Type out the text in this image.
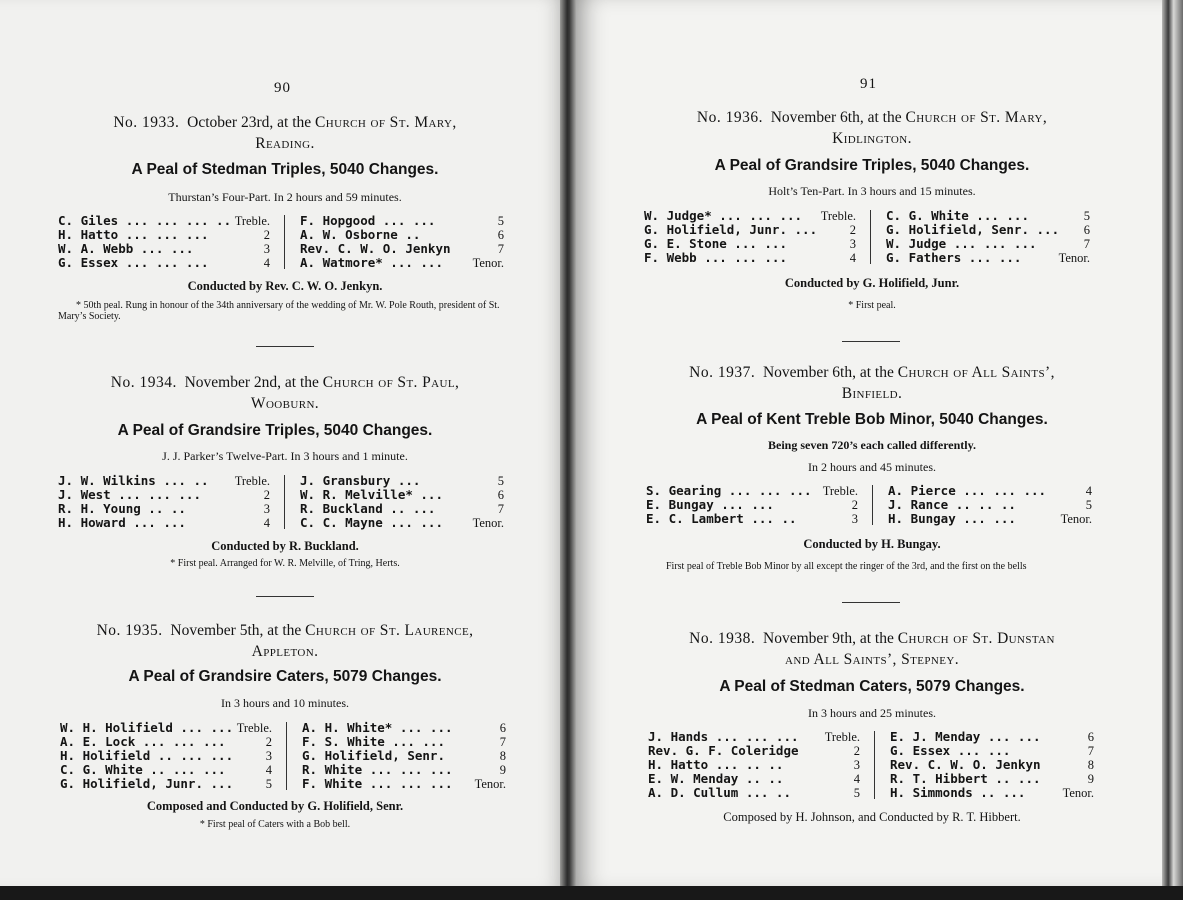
90
No. 1933. October 23rd, at the Church of St. Mary,
Reading.
A Peal of Stedman Triples, 5040 Changes.
Thurstan’s Four-Part. In 2 hours and 59 minutes.
C. Giles ... ... ... .. Treble.
H. Hatto ... ... ...	2
W. A. Webb ... ...	3
G. Essex ... ... ...	4
F. Hopgood ... ...	5
A. W. Osborne ..	6
Rev. C. W. O. Jenkyn	7
A. Watmore* ... ... Tenor.
Conducted by Rev. C. W. O. Jenkyn.
* 50th peal. Rung in honour of the 34th anniversary of the wedding of Mr. W. Pole Routh, president of St. Mary’s Society.
No. 1934. November 2nd, at the Church of St. Paul,
Wooburn.
A Peal of Grandsire Triples, 5040 Changes.
J. J. Parker’s Twelve-Part. In 3 hours and 1 minute.
J. W. Wilkins ... .. Treble.
J. West ... ... ...	2
R. H. Young .. ..	3
H. Howard ... ...	4
J. Gransbury ...	5
W. R. Melville* ...	6
R. Buckland .. ...	7
C. C. Mayne ... ... Tenor.
Conducted by R. Buckland.
* First peal. Arranged for W. R. Melville, of Tring, Herts.
No. 1935. November 5th, at the Church of St. Laurence,
Appleton.
A Peal of Grandsire Caters, 5079 Changes.
In 3 hours and 10 minutes.
W. H. Holifield ... ... Treble.
A. E. Lock ... ... ...	2
H. Holifield .. ... ...	3
C. G. White .. ... ...	4
G. Holifield, Junr. ...	5
A. H. White* ... ...	6
F. S. White ... ...	7
G. Holifield, Senr.	8
R. White ... ... ...	9
F. White ... ... ... Tenor.
Composed and Conducted by G. Holifield, Senr.
* First peal of Caters with a Bob bell.
91
No. 1936. November 6th, at the Church of St. Mary,
Kidlington.
A Peal of Grandsire Triples, 5040 Changes.
Holt’s Ten-Part. In 3 hours and 15 minutes.
W. Judge* ... ... ... Treble.
G. Holifield, Junr. ...	2
G. E. Stone ... ...	3
F. Webb ... ... ...	4
C. G. White ... ...	5
G. Holifield, Senr. ... 6
W. Judge ... ... ...	7
G. Fathers ... ...	Tenor.
Conducted by G. Holifield, Junr.
* First peal.
No. 1937. November 6th, at the Church of All Saints’,
Binfield.
A Peal of Kent Treble Bob Minor, 5040 Changes.
Being seven 720’s each called differently.
In 2 hours and 45 minutes.
S. Gearing ... ... ... Treble.
E. Bungay ... ...	2
E. C. Lambert ... ..	3
A. Pierce ... ... ...	4
J. Rance .. .. ..	5
H. Bungay ... ...	Tenor.
Conducted by H. Bungay.
First peal of Treble Bob Minor by all except the ringer of the 3rd, and the first on the bells
No. 1938. November 9th, at the Church of St. Dunstan
and All Saints’, Stepney.
A Peal of Stedman Caters, 5079 Changes.
In 3 hours and 25 minutes.
J. Hands ... ... ... Treble.
Rev. G. F. Coleridge	2
H. Hatto ... .. ..	3
E. W. Menday .. ..	4
A. D. Cullum ... ..	5
E. J. Menday ... ...	6
G. Essex ... ...	7
Rev. C. W. O. Jenkyn	8
R. T. Hibbert .. ...	9
H. Simmonds .. ...	Tenor.
Composed by H. Johnson, and Conducted by R. T. Hibbert.
